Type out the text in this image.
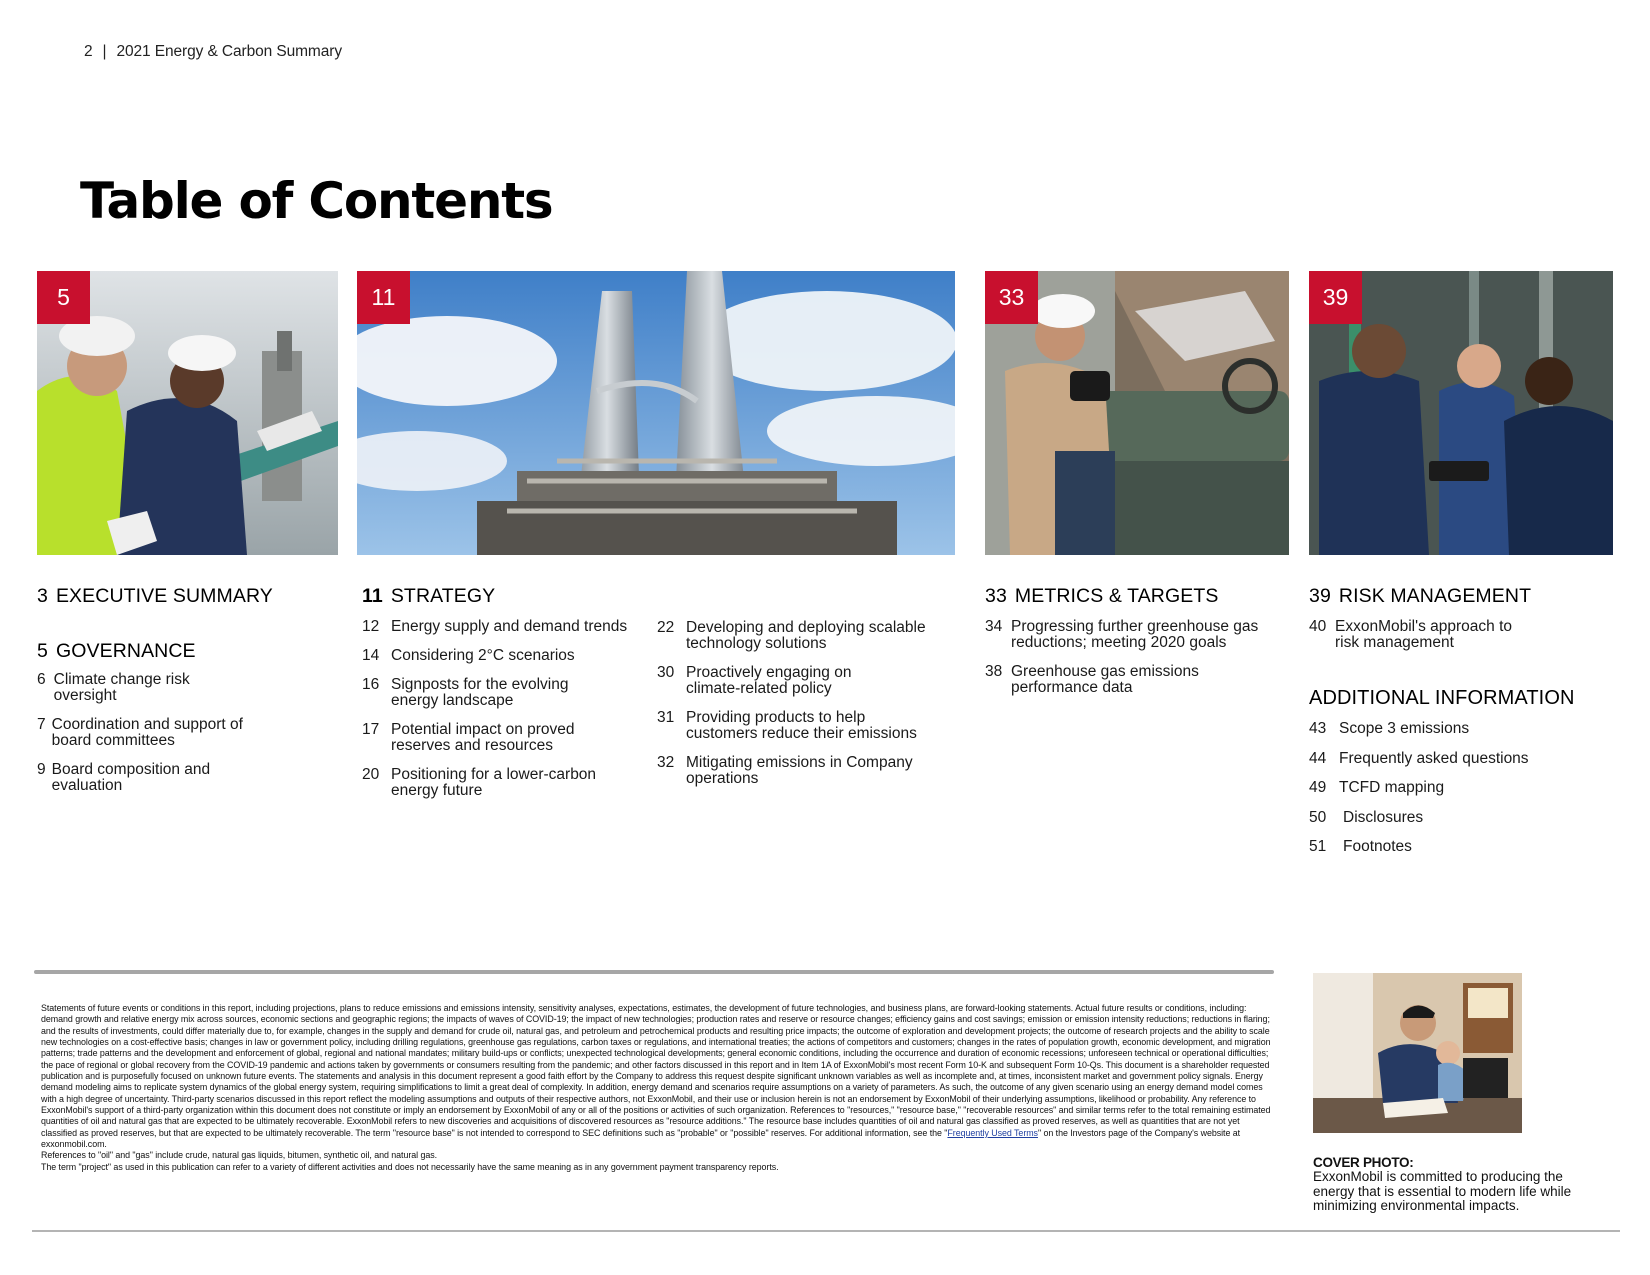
2 | 2021 Energy & Carbon Summary
Table of Contents
5	11	33	39
3 EXECUTIVE SUMMARY
5 GOVERNANCE
6 Climate change risk oversight
7 Coordination and support of board committees
9 Board composition and evaluation
11 STRATEGY
12 Energy supply and demand trends
14 Considering 2°C scenarios
16 Signposts for the evolving energy landscape
17 Potential impact on proved reserves and resources
20 Positioning for a lower-carbon energy future
22 Developing and deploying scalable technology solutions
30 Proactively engaging on climate-related policy
31 Providing products to help customers reduce their emissions
32 Mitigating emissions in Company operations
33 METRICS & TARGETS
34 Progressing further greenhouse gas reductions; meeting 2020 goals
38 Greenhouse gas emissions performance data
39 RISK MANAGEMENT
40 ExxonMobil's approach to risk management
ADDITIONAL INFORMATION
43 Scope 3 emissions
44 Frequently asked questions
49 TCFD mapping
50	Disclosures
51	Footnotes

Statements of future events or conditions in this report, including projections, plans to reduce emissions and emissions intensity, sensitivity analyses, expectations, estimates, the development of future technologies, and business plans, are forward-looking statements. Actual future results or conditions, including: demand growth and relative energy mix across sources, economic sections and geographic regions; the impacts of waves of COVID-19; the impact of new technologies; production rates and reserve or resource changes; efficiency gains and cost savings; emission or emission intensity reductions; reductions in flaring; and the results of investments, could differ materially due to, for example, changes in the supply and demand for crude oil, natural gas, and petroleum and petrochemical products and resulting price impacts; the outcome of exploration and development projects; the outcome of research projects and the ability to scale new technologies on a cost-effective basis; changes in law or government policy, including drilling regulations, greenhouse gas regulations, carbon taxes or regulations, and international treaties; the actions of competitors and customers; changes in the rates of population growth, economic development, and migration patterns; trade patterns and the development and enforcement of global, regional and national mandates; military build-ups or conflicts; unexpected technological developments; general economic conditions, including the occurrence and duration of economic recessions; unforeseen technical or operational difficulties; the pace of regional or global recovery from the COVID-19 pandemic and actions taken by governments or consumers resulting from the pandemic; and other factors discussed in this report and in Item 1A of ExxonMobil's most recent Form 10-K and subsequent Form 10-Qs. This document is a shareholder requested publication and is purposefully focused on unknown future events. The statements and analysis in this document represent a good faith effort by the Company to address this request despite significant unknown variables as well as incomplete and, at times, inconsistent market and government policy signals. Energy demand modeling aims to replicate system dynamics of the global energy system, requiring simplifications to limit a great deal of complexity. In addition, energy demand and scenarios require assumptions on a variety of parameters. As such, the outcome of any given scenario using an energy demand model comes with a high degree of uncertainty. Third-party scenarios discussed in this report reflect the modeling assumptions and outputs of their respective authors, not ExxonMobil, and their use or inclusion herein is not an endorsement by ExxonMobil of their underlying assumptions, likelihood or probability. Any reference to ExxonMobil's support of a third-party organization within this document does not constitute or imply an endorsement by ExxonMobil of any or all of the positions or activities of such organization. References to "resources," "resource base," "recoverable resources" and similar terms refer to the total remaining estimated quantities of oil and natural gas that are expected to be ultimately recoverable. ExxonMobil refers to new discoveries and acquisitions of discovered resources as "resource additions." The resource base includes quantities of oil and natural gas classified as proved reserves, as well as quantities that are not yet classified as proved reserves, but that are expected to be ultimately recoverable. The term "resource base" is not intended to correspond to SEC definitions such as "probable" or "possible" reserves. For additional information, see the "Frequently Used Terms" on the Investors page of the Company's website at exxonmobil.com.

References to "oil" and "gas" include crude, natural gas liquids, bitumen, synthetic oil, and natural gas.

The term "project" as used in this publication can refer to a variety of different activities and does not necessarily have the same meaning as in any government payment transparency reports.	COVER PHOTO:
ExxonMobil is committed to producing the energy that is essential to modern life while minimizing environmental impacts.
